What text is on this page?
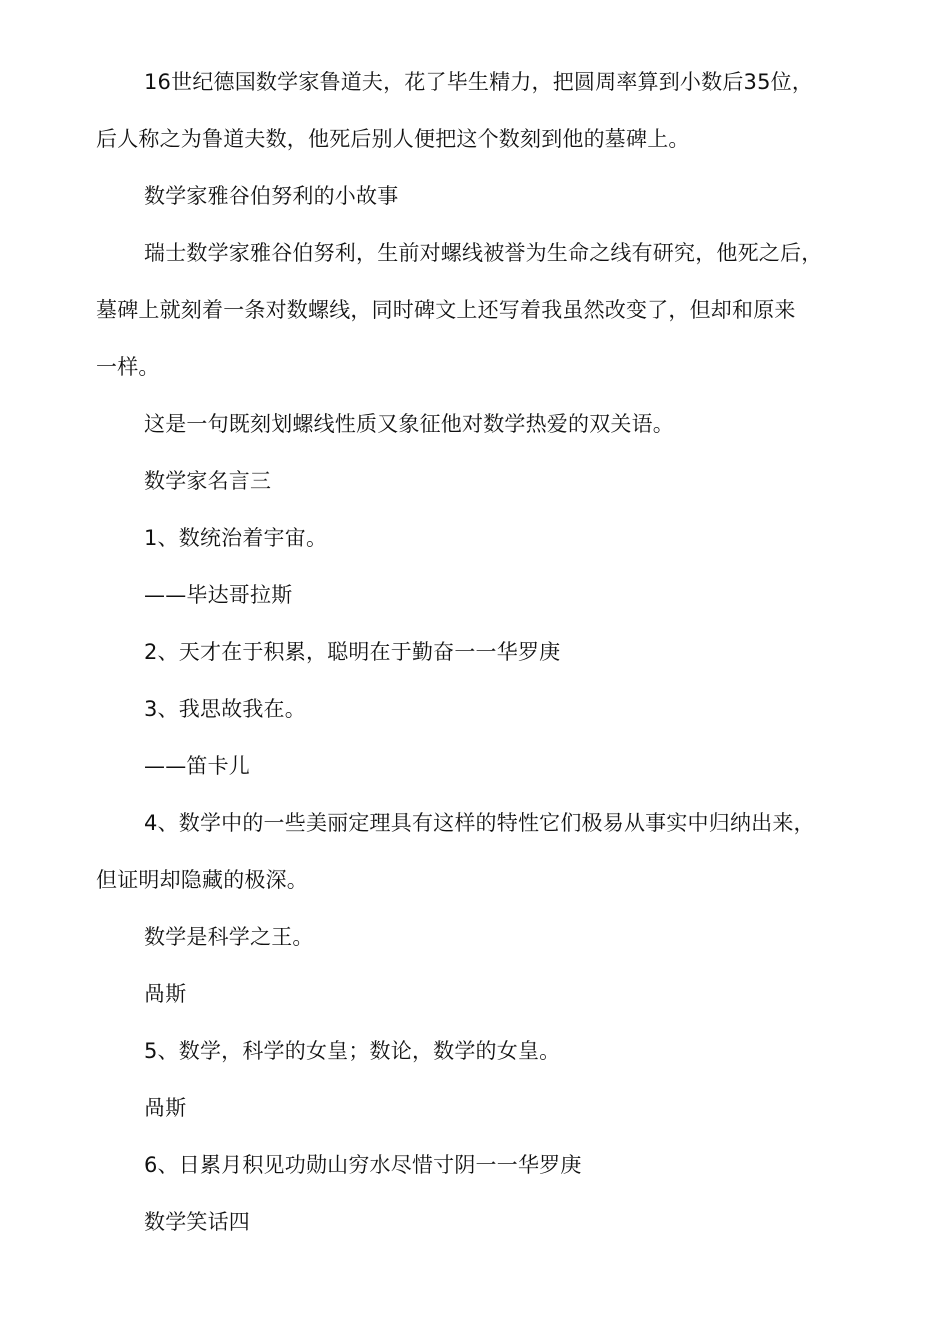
16世纪德国数学家鲁道夫，花了毕生精力，把圆周率算到小数后35位，
后人称之为鲁道夫数，他死后别人便把这个数刻到他的墓碑上。
数学家雅谷伯努利的小故事
瑞士数学家雅谷伯努利，生前对螺线被誉为生命之线有研究，他死之后，
墓碑上就刻着一条对数螺线，同时碑文上还写着我虽然改变了，但却和原来
一样。
这是一句既刻划螺线性质又象征他对数学热爱的双关语。
数学家名言三
1、数统治着宇宙。
——毕达哥拉斯
2、天才在于积累，聪明在于勤奋一一华罗庚
3、我思故我在。
——笛卡儿
4、数学中的一些美丽定理具有这样的特性它们极易从事实中归纳出来，
但证明却隐藏的极深。
数学是科学之王。
咼斯
5、数学，科学的女皇；数论，数学的女皇。
咼斯
6、日累月积见功勋山穷水尽惜寸阴一一华罗庚
数学笑话四
